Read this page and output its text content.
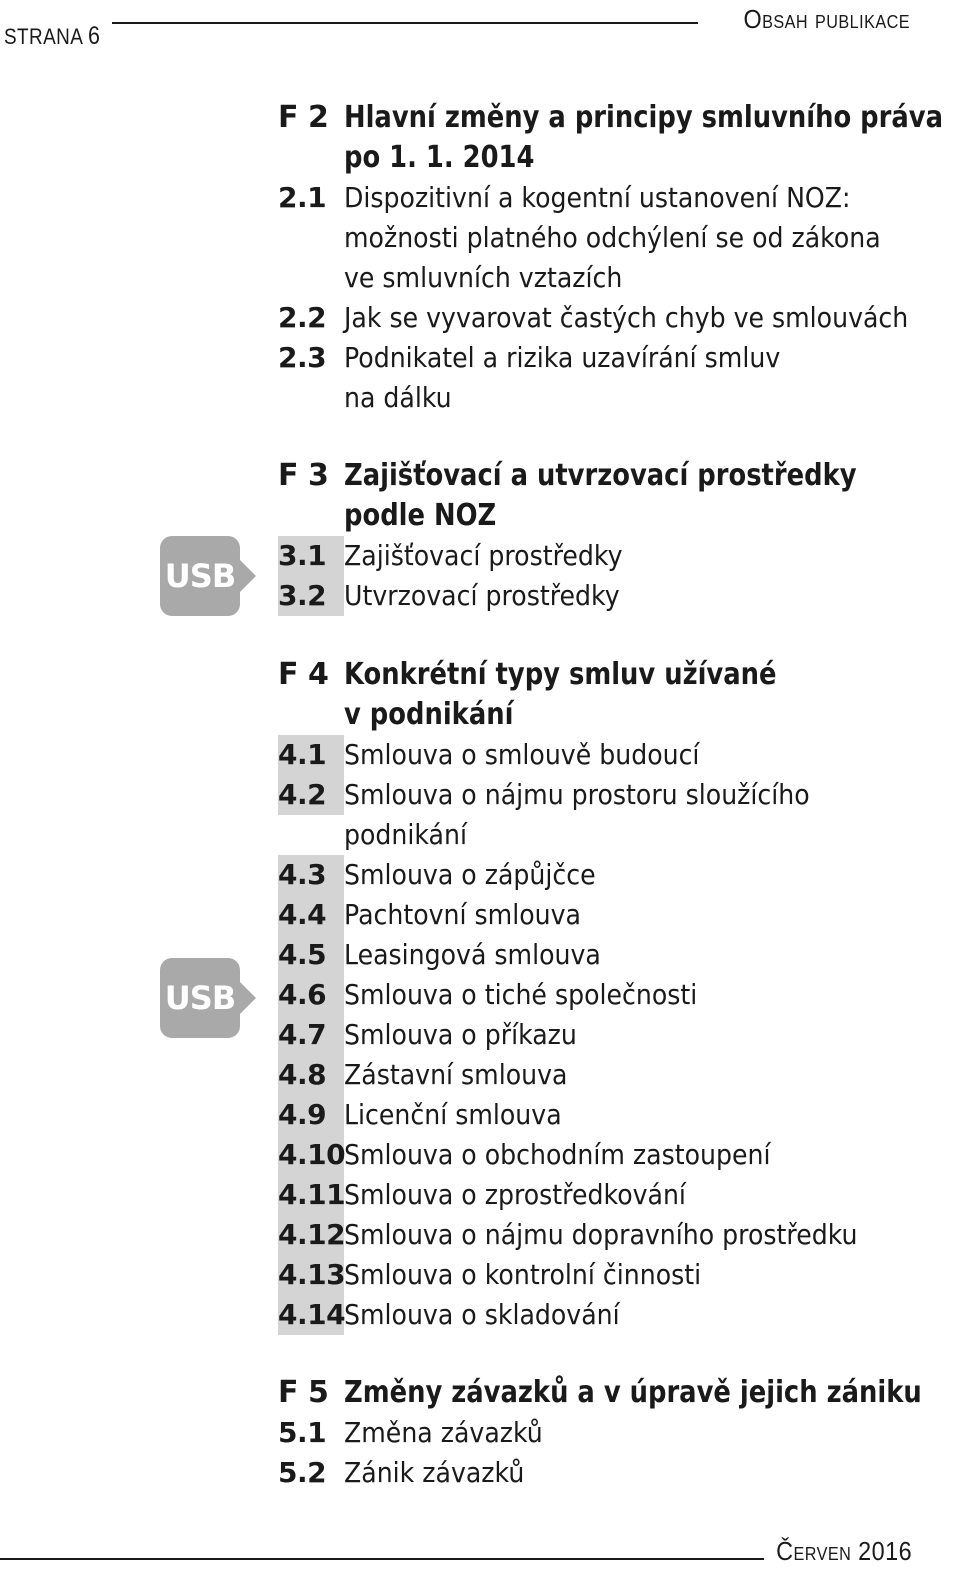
STRANA 6
Obsah publikace
F 2 Hlavní změny a principy smluvního práva
po 1. 1. 2014
2.1 Dispozitivní a kogentní ustanovení NOZ:
možnosti platného odchýlení se od zákona
ve smluvních vztazích
2.2 Jak se vyvarovat častých chyb ve smlouvách
2.3 Podnikatel a rizika uzavírání smluv
na dálku
F 3 Zajišťovací a utvrzovací prostředky
podle NOZ
3.1 Zajišťovací prostředky
3.2 Utvrzovací prostředky
F 4 Konkrétní typy smluv užívané
v podnikání
4.1 Smlouva o smlouvě budoucí
4.2 Smlouva o nájmu prostoru sloužícího
podnikání
4.3 Smlouva o zápůjčce
4.4 Pachtovní smlouva
4.5 Leasingová smlouva
4.6 Smlouva o tiché společnosti
4.7 Smlouva o příkazu
4.8 Zástavní smlouva
4.9 Licenční smlouva
4.10
Smlouva o obchodním zastoupení
4.11
Smlouva o zprostředkování
4.12
Smlouva o nájmu dopravního prostředku
4.13
Smlouva o kontrolní činnosti
4.14
Smlouva o skladování
F 5 Změny závazků a v úpravě jejich zániku
5.1 Změna závazků
5.2 Zánik závazků
USB
USB
Červen 2016
